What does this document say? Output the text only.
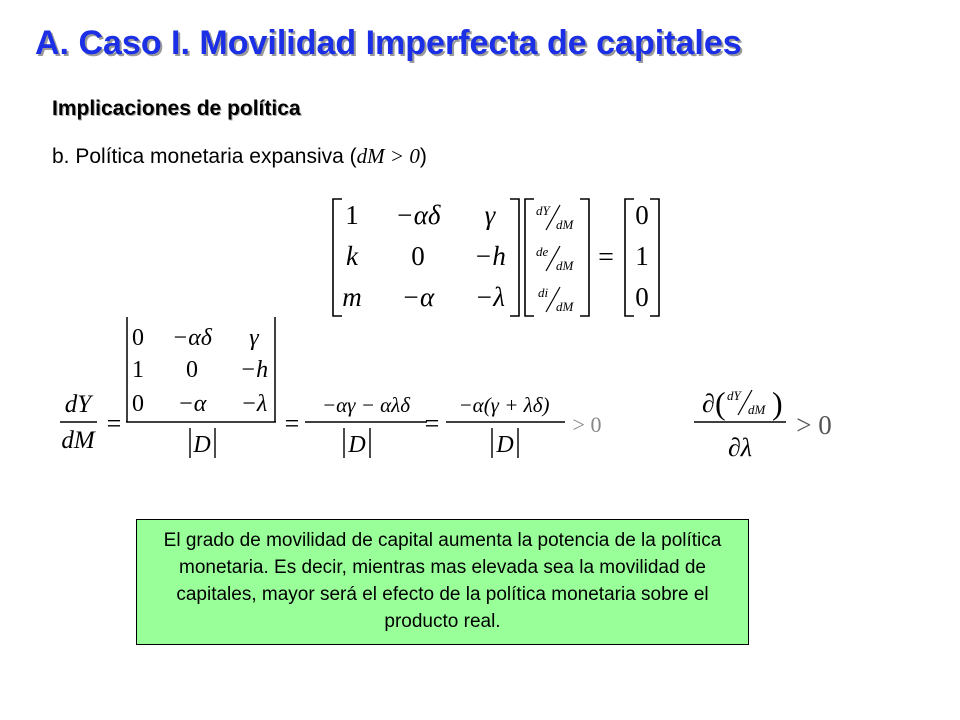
A. Caso I. Movilidad Imperfecta de capitales
Implicaciones de política
b. Política monetaria expansiva (dM > 0)
1 −αδ γ
k 0 −h
m −α −λ
dY
dM
de
dM
di
dM
=
0
1
0
dY
dM
=
0 −αδ γ
1 0 −h
0 −α −λ
D
=
−αγ − αλδ
D
=
−α(γ + λδ)
D
> 0
∂ ( dY
dM )
∂λ
> 0
El grado de movilidad de capital aumenta la potencia de la política monetaria. Es decir, mientras mas elevada sea la movilidad de capitales, mayor será el efecto de la política monetaria sobre el producto real.
